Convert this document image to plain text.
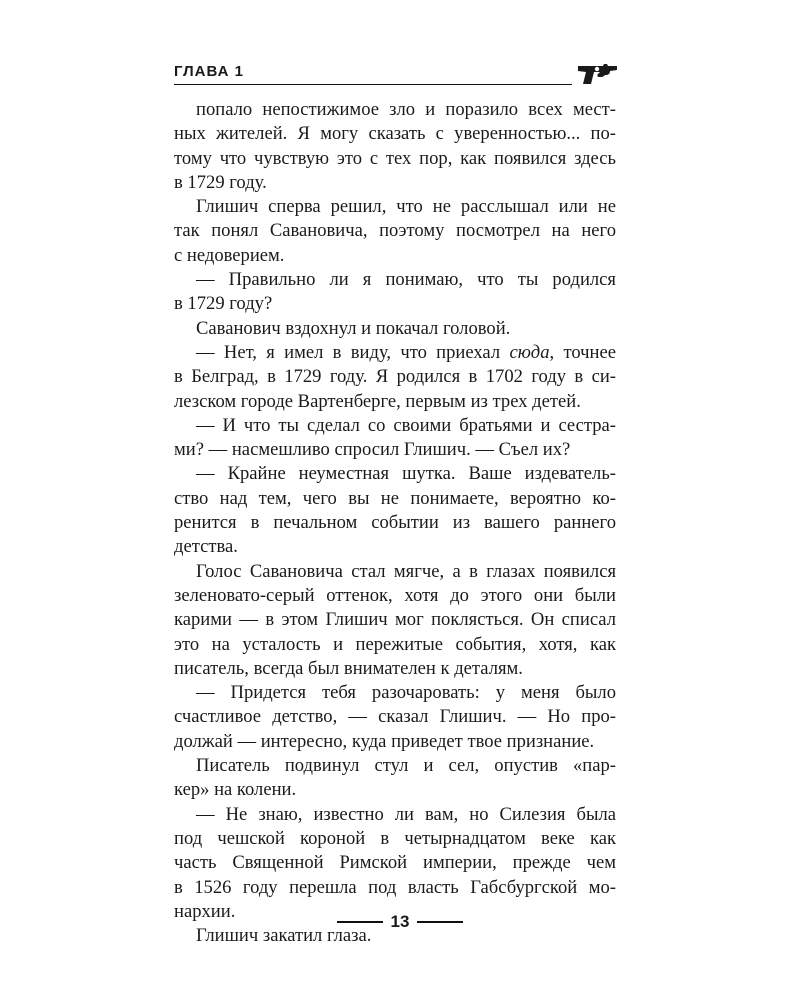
ГЛАВА 1
попало непостижимое зло и поразило всех мест-
ных жителей. Я могу сказать с уверенностью... по-
тому что чувствую это с тех пор, как появился здесь
в 1729 году.
Глишич сперва решил, что не расслышал или не
так понял Савановича, поэтому посмотрел на него
с недоверием.
— Правильно ли я понимаю, что ты родился
в 1729 году?
Саванович вздохнул и покачал головой.
— Нет, я имел в виду, что приехал сюда, точнее
в Белград, в 1729 году. Я родился в 1702 году в си-
лезском городе Вартенберге, первым из трех детей.
— И что ты сделал со своими братьями и сестра-
ми? — насмешливо спросил Глишич. — Съел их?
— Крайне неуместная шутка. Ваше издеватель-
ство над тем, чего вы не понимаете, вероятно ко-
ренится в печальном событии из вашего раннего
детства.
Голос Савановича стал мягче, а в глазах появился
зеленовато-серый оттенок, хотя до этого они были
карими — в этом Глишич мог поклясться. Он списал
это на усталость и пережитые события, хотя, как
писатель, всегда был внимателен к деталям.
— Придется тебя разочаровать: у меня было
счастливое детство, — сказал Глишич. — Но про-
должай — интересно, куда приведет твое признание.
Писатель подвинул стул и сел, опустив «пар-
кер» на колени.
— Не знаю, известно ли вам, но Силезия была
под чешской короной в четырнадцатом веке как
часть Священной Римской империи, прежде чем
в 1526 году перешла под власть Габсбургской мо-
нархии.
Глишич закатил глаза.
13
